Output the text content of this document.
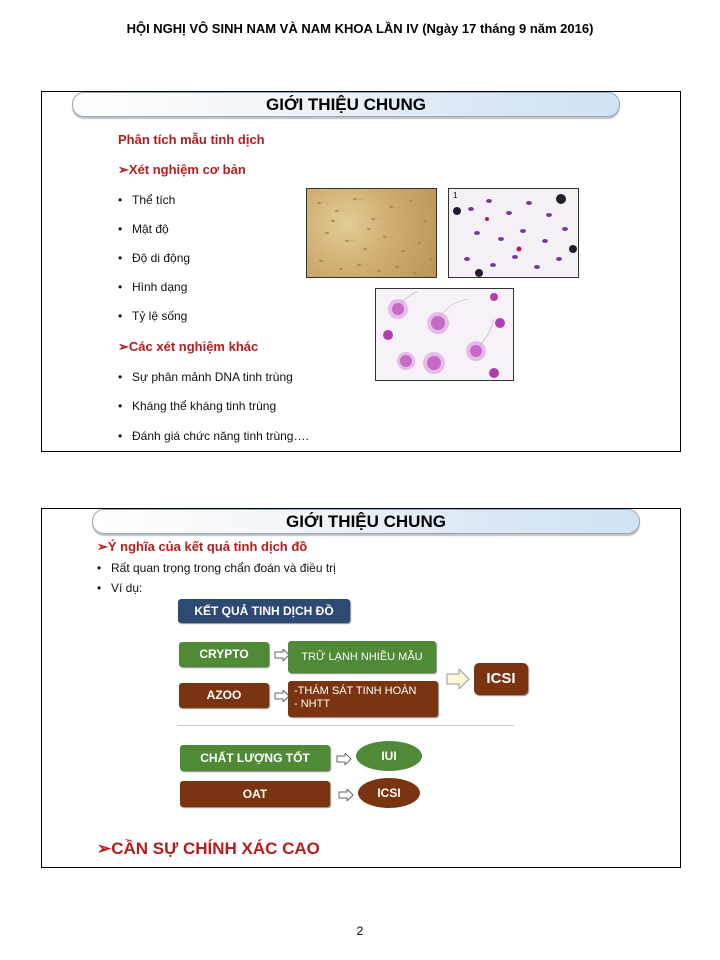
HỘI NGHỊ VÔ SINH NAM VÀ NAM KHOA LẦN IV (Ngày 17 tháng 9 năm 2016)
GIỚI THIỆU CHUNG
Phân tích mẫu tinh dịch
➢Xét nghiệm cơ bản
• Thể tích
• Mật độ
• Độ di động
• Hình dạng
• Tỷ lệ sống
➢Các xét nghiệm khác
• Sự phân mảnh DNA tinh trùng
• Kháng thể kháng tinh trùng
• Đánh giá chức năng tinh trùng….
1
GIỚI THIỆU CHUNG
➢Ý nghĩa của kết quả tinh dịch đồ
• Rất quan trọng trong chẩn đoán và điều trị
• Ví dụ:
KẾT QUẢ TINH DỊCH ĐỒ
CRYPTO
AZOO
TRỮ LẠNH NHIỀU MẪU
-THÁM SÁT TINH HOÀN
- NHTT
ICSI
CHẤT LƯỢNG TỐT	IUI
OAT	ICSI
➢CẦN SỰ CHÍNH XÁC CAO
2
